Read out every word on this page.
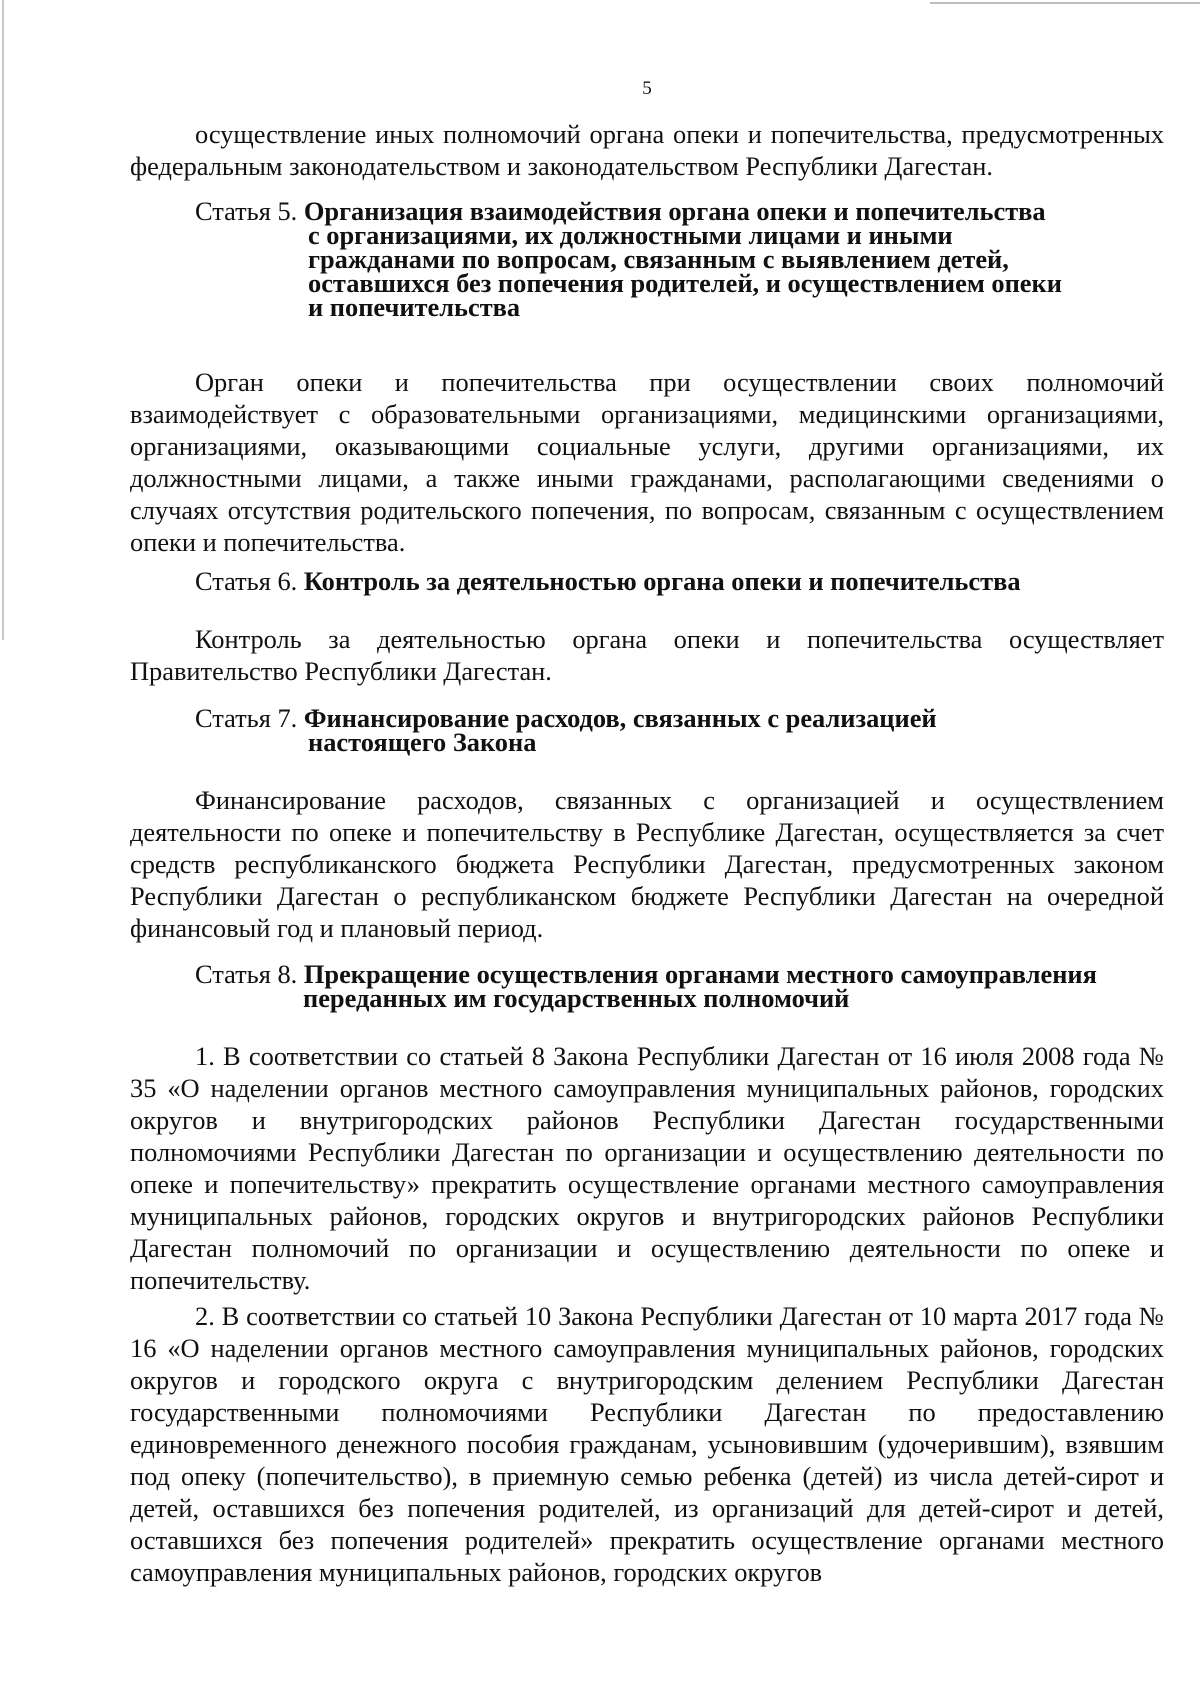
5

осуществление иных полномочий органа опеки и попечительства, предусмотренных федеральным законодательством и законодательством Республики Дагестан.

Статья 5. Организация взаимодействия органа опеки и попечительства
с организациями, их должностными лицами и иными
гражданами по вопросам, связанным с выявлением детей,
оставшихся без попечения родителей, и осуществлением опеки
и попечительства

Орган опеки и попечительства при осуществлении своих полномочий взаимодействует с образовательными организациями, медицинскими организациями, организациями, оказывающими социальные услуги, другими организациями, их должностными лицами, а также иными гражданами, располагающими сведениями о случаях отсутствия родительского попечения, по вопросам, связанным с осуществлением опеки и попечительства.

Статья 6. Контроль за деятельностью органа опеки и попечительства

Контроль за деятельностью органа опеки и попечительства осуществляет Правительство Республики Дагестан.

Статья 7. Финансирование расходов, связанных с реализацией
настоящего Закона

Финансирование расходов, связанных с организацией и осуществлением деятельности по опеке и попечительству в Республике Дагестан, осуществляется за счет средств республиканского бюджета Республики Дагестан, предусмотренных законом Республики Дагестан о республиканском бюджете Республики Дагестан на очередной финансовый год и плановый период.

Статья 8. Прекращение осуществления органами местного самоуправления
переданных им государственных полномочий

1. В соответствии со статьей 8 Закона Республики Дагестан от 16 июля 2008 года № 35 «О наделении органов местного самоуправления муниципальных районов, городских округов и внутригородских районов Республики Дагестан государственными полномочиями Республики Дагестан по организации и осуществлению деятельности по опеке и попечительству» прекратить осуществление органами местного самоуправления муниципальных районов, городских округов и внутригородских районов Республики Дагестан полномочий по организации и осуществлению деятельности по опеке и попечительству.

2. В соответствии со статьей 10 Закона Республики Дагестан от 10 марта 2017 года № 16 «О наделении органов местного самоуправления муниципальных районов, городских округов и городского округа с внутригородским делением Республики Дагестан государственными полномочиями Республики Дагестан по предоставлению единовременного денежного пособия гражданам, усыновившим (удочерившим), взявшим под опеку (попечительство), в приемную семью ребенка (детей) из числа детей-сирот и детей, оставшихся без попечения родителей, из организаций для детей-сирот и детей, оставшихся без попечения родителей» прекратить осуществление органами местного самоуправления муниципальных районов, городских округов
